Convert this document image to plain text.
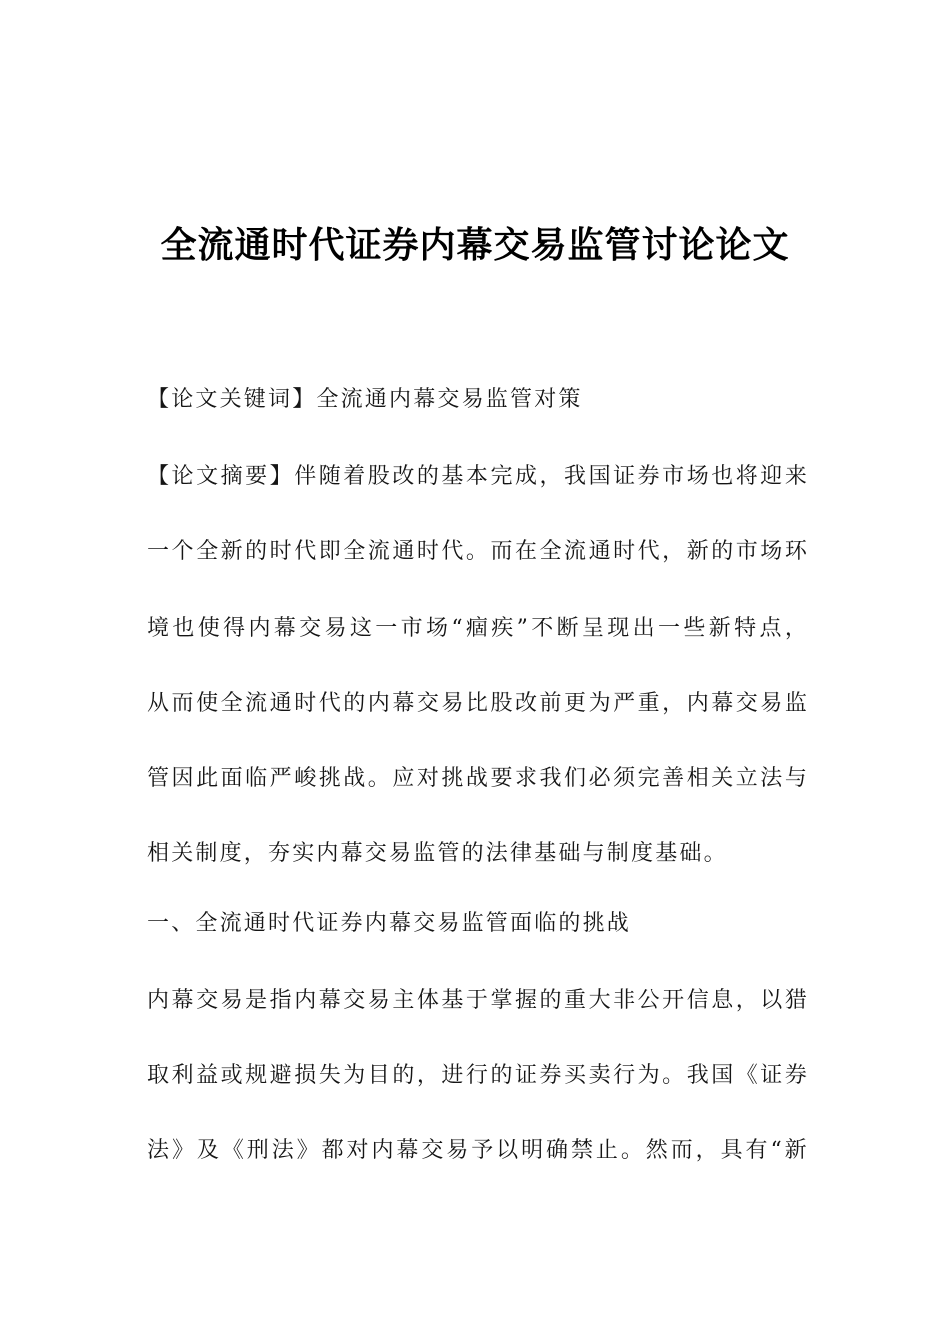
全流通时代证券内幕交易监管讨论论文
【论文关键词】全流通内幕交易监管对策
【 论 文 摘 要 】 伴 随 着 股 改 的 基 本 完 成 ， 我 国 证 券 市 场 也 将 迎 来
一 个 全 新 的 时 代 即 全 流 通 时 代 。 而 在 全 流 通 时 代 ， 新 的 市 场 环
境 也 使 得 内 幕 交 易 这 一 市 场 “ 痼 疾 ” 不 断 呈 现 出 一 些 新 特 点 ，
从 而 使 全 流 通 时 代 的 内 幕 交 易 比 股 改 前 更 为 严 重 ， 内 幕 交 易 监
管 因 此 面 临 严 峻 挑 战 。 应 对 挑 战 要 求 我 们 必 须 完 善 相 关 立 法 与
相关制度，夯实内幕交易监管的法律基础与制度基础。
一、全流通时代证券内幕交易监管面临的挑战
内 幕 交 易 是 指 内 幕 交 易 主 体 基 于 掌 握 的 重 大 非 公 开 信 息 ， 以 猎
取 利 益 或 规 避 损 失 为 目 的 ， 进 行 的 证 券 买 卖 行 为 。 我 国 《 证 券
法 》 及 《 刑 法 》 都 对 内 幕 交 易 予 以 明 确 禁 止 。 然 而 ， 具 有 “ 新
